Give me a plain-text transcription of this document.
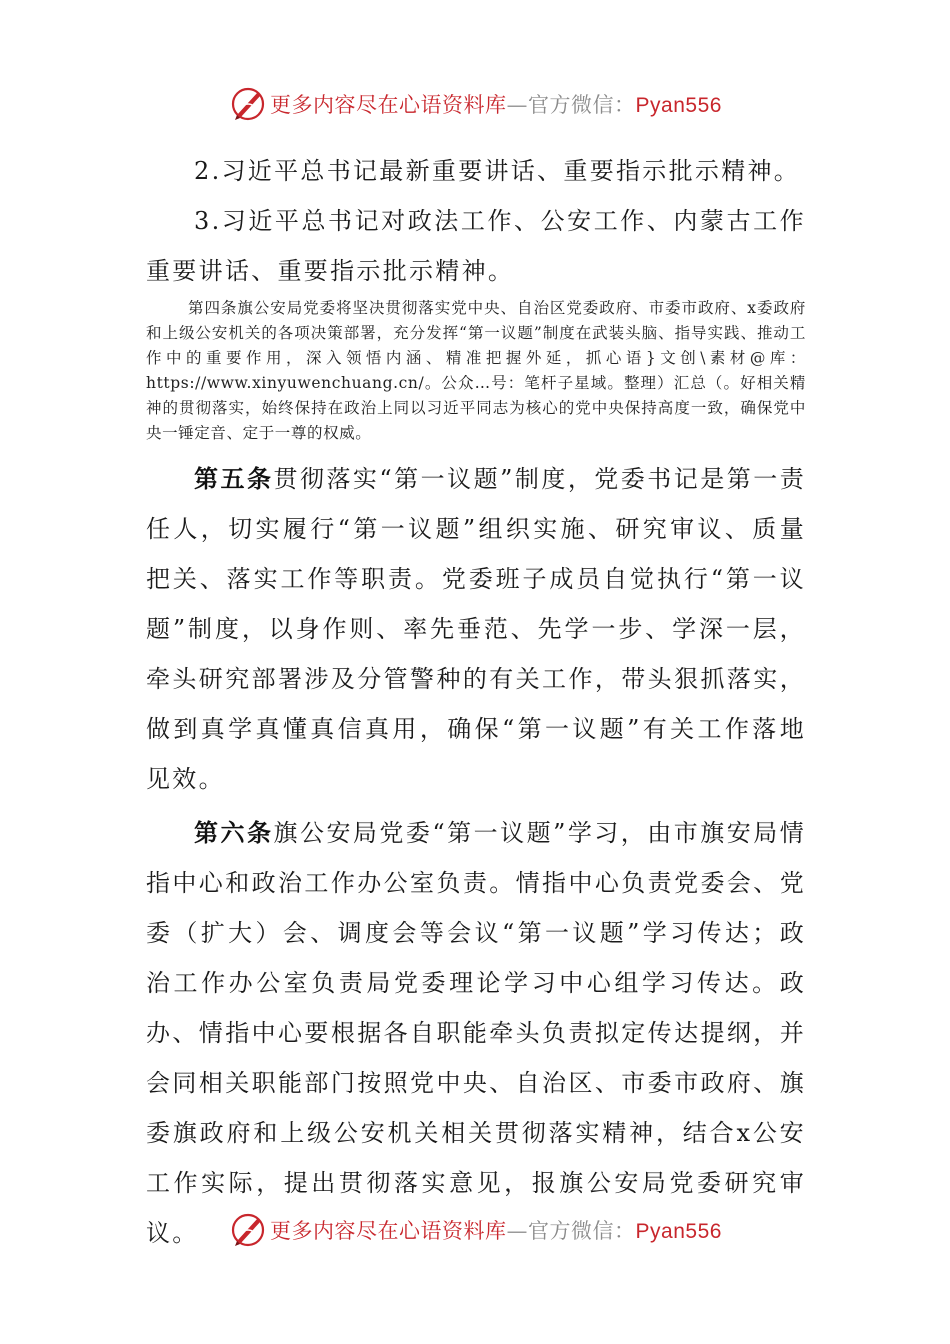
更多内容尽在心语资料库—官方微信：Pyan556

2.习近平总书记最新重要讲话、重要指示批示精神。

3.习近平总书记对政法工作、公安工作、内蒙古工作重要讲话、重要指示批示精神。

第四条旗公安局党委将坚决贯彻落实党中央、自治区党委政府、市委市政府、x委政府和上级公安机关的各项决策部署，充分发挥“第一议题”制度在武装头脑、指导实践、推动工作中的重要作用，深入领悟内涵、精准把握外延，抓心语}文创\素材@库：https://www.xinyuwenchuang.cn/。公众…号：笔杆子星域。整理）汇总（。好相关精神的贯彻落实，始终保持在政治上同以习近平同志为核心的党中央保持高度一致，确保党中央一锤定音、定于一尊的权威。

第五条贯彻落实“第一议题”制度，党委书记是第一责任人，切实履行“第一议题”组织实施、研究审议、质量把关、落实工作等职责。党委班子成员自觉执行“第一议题”制度，以身作则、率先垂范、先学一步、学深一层，牵头研究部署涉及分管警种的有关工作，带头狠抓落实，做到真学真懂真信真用，确保“第一议题”有关工作落地见效。

第六条旗公安局党委“第一议题”学习，由市旗安局情指中心和政治工作办公室负责。情指中心负责党委会、党委（扩大）会、调度会等会议“第一议题”学习传达；政治工作办公室负责局党委理论学习中心组学习传达。政办、情指中心要根据各自职能牵头负责拟定传达提纲，并会同相关职能部门按照党中央、自治区、市委市政府、旗委旗政府和上级公安机关相关贯彻落实精神，结合x公安工作实际，提出贯彻落实意见，报旗公安局党委研究审议。	更多内容尽在心语资料库—官方微信：Pyan556
